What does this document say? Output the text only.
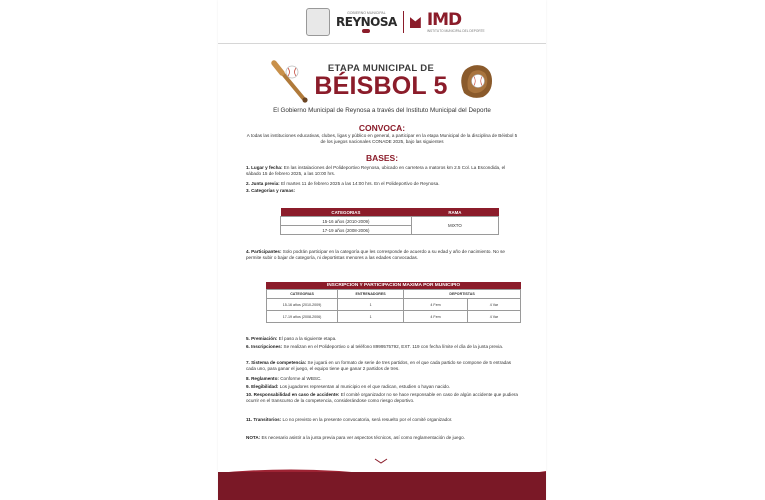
GOBIERNO MUNICIPAL
REYNOSA IMD
INSTITUTO MUNICIPAL DEL DEPORTE
ETAPA MUNICIPAL DE
BÉISBOL 5
El Gobierno Municipal de Reynosa a través del Instituto Municipal del Deporte
CONVOCA:
A todas las instituciones educativas, clubes, ligas y público en general, a participar en la etapa Municipal de la disciplina de Béisbol 5 de los juegos nacionales CONADE 2025, bajo las siguientes
BASES:
1. Lugar y fecha: En las instalaciones del Polideportivo Reynosa, ubicado en carretera a matoros km 2.5 Col. La Escondida, el sábado 15 de febrero 2025, a las 10:00 hrs.
2. Junta previa: El martes 11 de febrero 2025 a las 14:00 hrs. En el Polideportivo de Reynosa.
3. Categorías y ramas:
CATEGORIAS	RAMA
15-16 años (2010-2009)	MIXTO
17-19 años (2008-2006)	
4. Participantes: Solo podrán participar en la categoría que les corresponde de acuerdo a su edad y año de nacimiento. No se permite subir o bajar de categoría, ni deportistas menores a las edades convocadas.
INSCRIPCION Y PARTICIPACION MAXIMA POR MUNICIPIO
CATEGORIAS	ENTRENADORES	DEPORTISTAS	
15-16 años (2010-2009)	1	4 Fem	4 Var
17-19 años (2008-2006)	1	4 Fem	4 Var
5. Premiación: El paso a la siguiente etapa.
6. Inscripciones: Se realizan en el Polideportivo o al teléfono 8999575792, EXT. 119 con fecha límite el día de la junta previa.
7. Sistema de competencia: Se jugará en un formato de serie de tres partidos, en el que cada partido se compone de 5 entradas cada uno, para ganar el juego, el equipo tiene que ganar 2 partidos de tres.
8. Reglamento: Conforme al WBSC.
9. Elegibilidad: Los jugadores representan al municipio en el que radican, estudien o hayan nacido.
10. Responsabilidad en caso de accidente: El comité organizador no se hace responsable en caso de algún accidente que pudiera ocurrir en el transcurso de la competencia, considerándose como riesgo deportivo.
11. Transitorios: Lo no previsto en la presente convocatoria, será resuelto por el comité organizador.
NOTA: Es necesario asistir a la junta previa para ver aspectos técnicos, así como reglamentación de juego.
